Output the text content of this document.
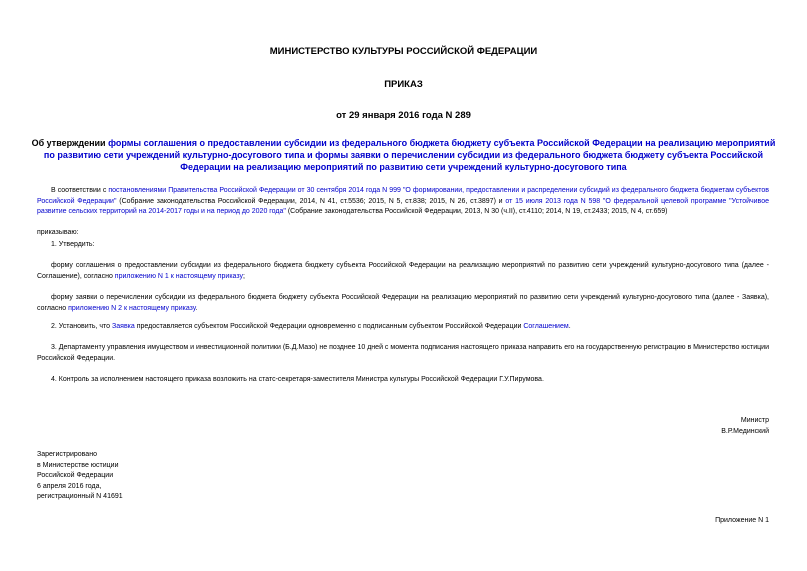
МИНИСТЕРСТВО КУЛЬТУРЫ РОССИЙСКОЙ ФЕДЕРАЦИИ
ПРИКАЗ
от 29 января 2016 года N 289
Об утверждении формы соглашения о предоставлении субсидии из федерального бюджета бюджету субъекта Российской Федерации на реализацию мероприятий по развитию сети учреждений культурно-досугового типа и формы заявки о перечислении субсидии из федерального бюджета бюджету субъекта Российской Федерации на реализацию мероприятий по развитию сети учреждений культурно-досугового типа
В соответствии с постановлениями Правительства Российской Федерации от 30 сентября 2014 года N 999 "О формировании, предоставлении и распределении субсидий из федерального бюджета бюджетам субъектов Российской Федерации" (Собрание законодательства Российской Федерации, 2014, N 41, ст.5536; 2015, N 5, ст.838; 2015, N 26, ст.3897) и от 15 июля 2013 года N 598 "О федеральной целевой программе "Устойчивое развитие сельских территорий на 2014-2017 годы и на период до 2020 года" (Собрание законодательства Российской Федерации, 2013, N 30 (ч.II), ст.4110; 2014, N 19, ст.2433; 2015, N 4, ст.659)
приказываю:
1. Утвердить:
форму соглашения о предоставлении субсидии из федерального бюджета бюджету субъекта Российской Федерации на реализацию мероприятий по развитию сети учреждений культурно-досугового типа (далее - Соглашение), согласно приложению N 1 к настоящему приказу;
форму заявки о перечислении субсидии из федерального бюджета бюджету субъекта Российской Федерации на реализацию мероприятий по развитию сети учреждений культурно-досугового типа (далее - Заявка), согласно приложению N 2 к настоящему приказу.
2. Установить, что Заявка предоставляется субъектом Российской Федерации одновременно с подписанным субъектом Российской Федерации Соглашением.
3. Департаменту управления имуществом и инвестиционной политики (Б.Д.Мазо) не позднее 10 дней с момента подписания настоящего приказа направить его на государственную регистрацию в Министерство юстиции Российской Федерации.
4. Контроль за исполнением настоящего приказа возложить на статс-секретаря-заместителя Министра культуры Российской Федерации Г.У.Пирумова.
Министр
В.Р.Мединский
Зарегистрировано
в Министерстве юстиции
Российской Федерации
6 апреля 2016 года,
регистрационный N 41691
Приложение N 1
